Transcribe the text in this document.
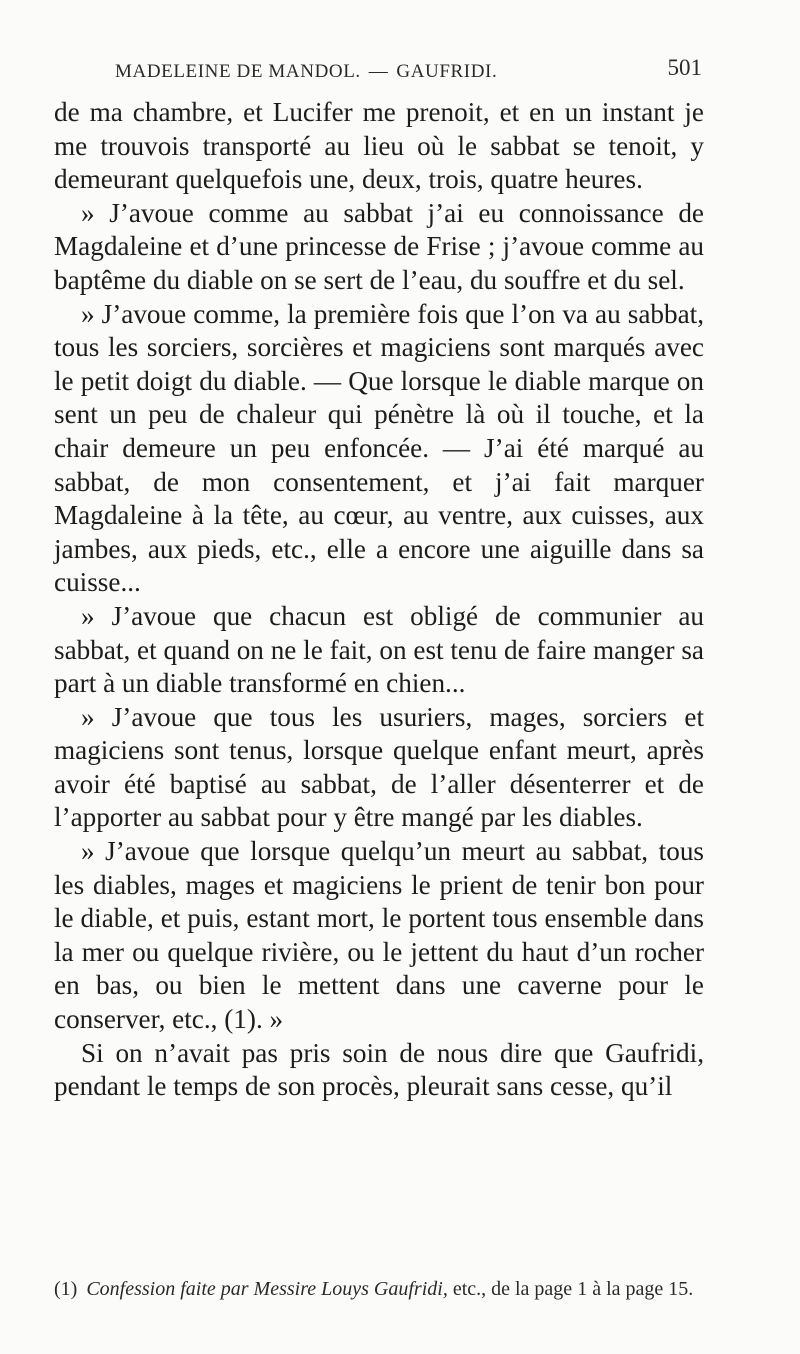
MADELEINE DE MANDOL. — GAUFRIDI.	501

de ma chambre, et Lucifer me prenoit, et en un instant je me trouvois transporté au lieu où le sabbat se tenoit, y demeurant quelquefois une, deux, trois, quatre heures.

» J’avoue comme au sabbat j’ai eu connoissance de Magdaleine et d’une princesse de Frise ; j’avoue comme au baptême du diable on se sert de l’eau, du souffre et du sel.

» J’avoue comme, la première fois que l’on va au sabbat, tous les sorciers, sorcières et magiciens sont marqués avec le petit doigt du diable. — Que lorsque le diable marque on sent un peu de chaleur qui pénètre là où il touche, et la chair demeure un peu enfoncée. — J’ai été marqué au sabbat, de mon consentement, et j’ai fait marquer Magdaleine à la tête, au cœur, au ventre, aux cuisses, aux jambes, aux pieds, etc., elle a encore une aiguille dans sa cuisse...

» J’avoue que chacun est obligé de communier au sabbat, et quand on ne le fait, on est tenu de faire manger sa part à un diable transformé en chien...

» J’avoue que tous les usuriers, mages, sorciers et magiciens sont tenus, lorsque quelque enfant meurt, après avoir été baptisé au sabbat, de l’aller désenterrer et de l’apporter au sabbat pour y être mangé par les diables.

» J’avoue que lorsque quelqu’un meurt au sabbat, tous les diables, mages et magiciens le prient de tenir bon pour le diable, et puis, estant mort, le portent tous ensemble dans la mer ou quelque rivière, ou le jettent du haut d’un rocher en bas, ou bien le mettent dans une caverne pour le conserver, etc., (1). »

Si on n’avait pas pris soin de nous dire que Gaufridi, pendant le temps de son procès, pleurait sans cesse, qu’il

(1) Confession faite par Messire Louys Gaufridi, etc., de la page 1 à la page 15.
